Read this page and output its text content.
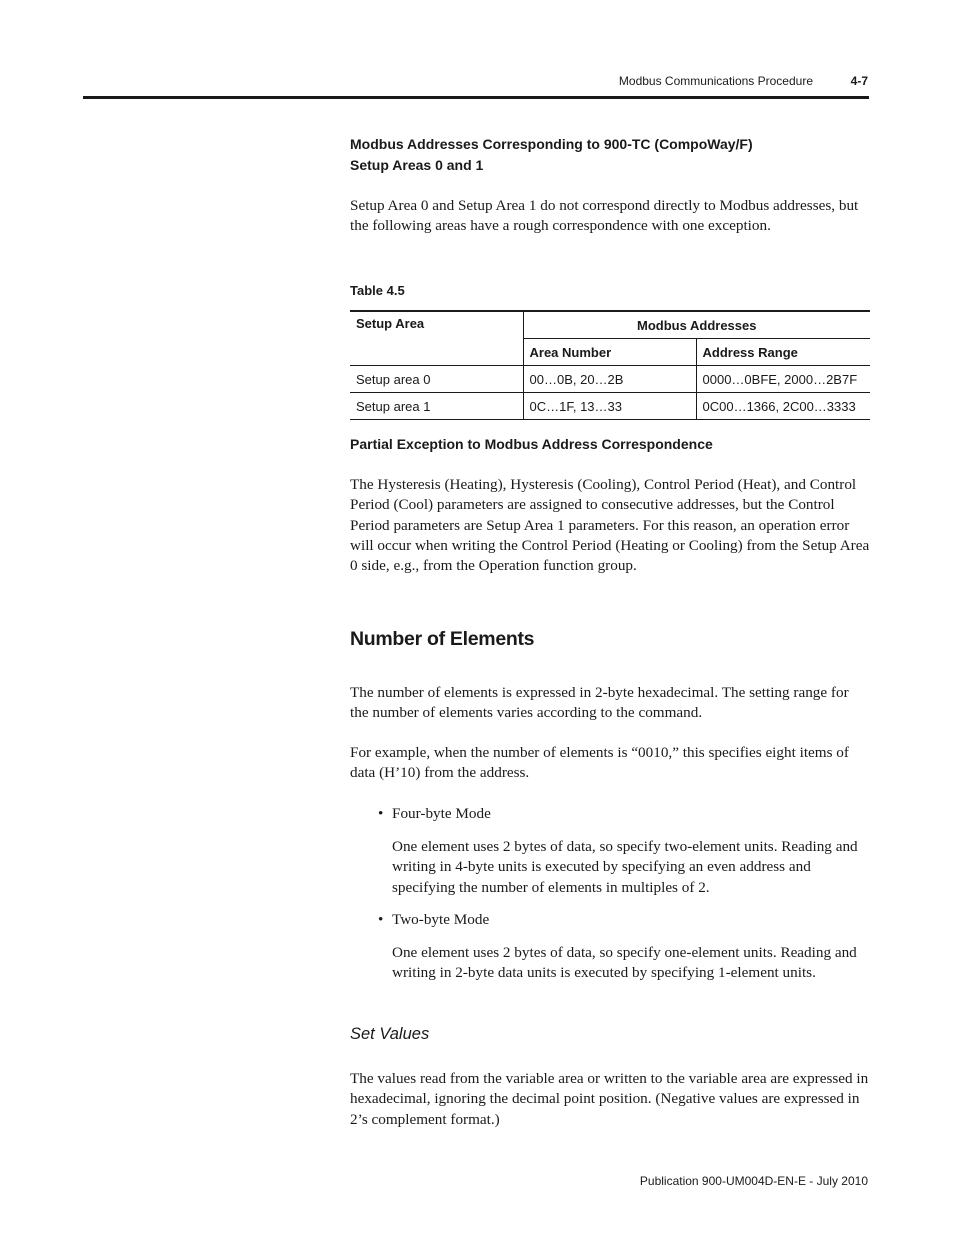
Modbus Communications Procedure	4-7
Modbus Addresses Corresponding to 900-TC (CompoWay/F)
Setup Areas 0 and 1
Setup Area 0 and Setup Area 1 do not correspond directly to Modbus addresses, but the following areas have a rough correspondence with one exception.
Table 4.5
Setup Area	Modbus Addresses	
	Area Number	Address Range
Setup area 0	00…0B, 20…2B	0000…0BFE, 2000…2B7F
Setup area 1	0C…1F, 13…33	0C00…1366, 2C00…3333
Partial Exception to Modbus Address Correspondence
The Hysteresis (Heating), Hysteresis (Cooling), Control Period (Heat), and Control Period (Cool) parameters are assigned to consecutive addresses, but the Control Period parameters are Setup Area 1 parameters. For this reason, an operation error will occur when writing the Control Period (Heating or Cooling) from the Setup Area 0 side, e.g., from the Operation function group.
Number of Elements
The number of elements is expressed in 2-byte hexadecimal. The setting range for the number of elements varies according to the command.
For example, when the number of elements is “0010,” this specifies eight items of data (H’10) from the address.
• Four-byte Mode
One element uses 2 bytes of data, so specify two-element units. Reading and writing in 4-byte units is executed by specifying an even address and specifying the number of elements in multiples of 2.
• Two-byte Mode
One element uses 2 bytes of data, so specify one-element units. Reading and writing in 2-byte data units is executed by specifying 1-element units.
Set Values
The values read from the variable area or written to the variable area are expressed in hexadecimal, ignoring the decimal point position. (Negative values are expressed in 2’s complement format.)
Publication 900-UM004D-EN-E - July 2010
